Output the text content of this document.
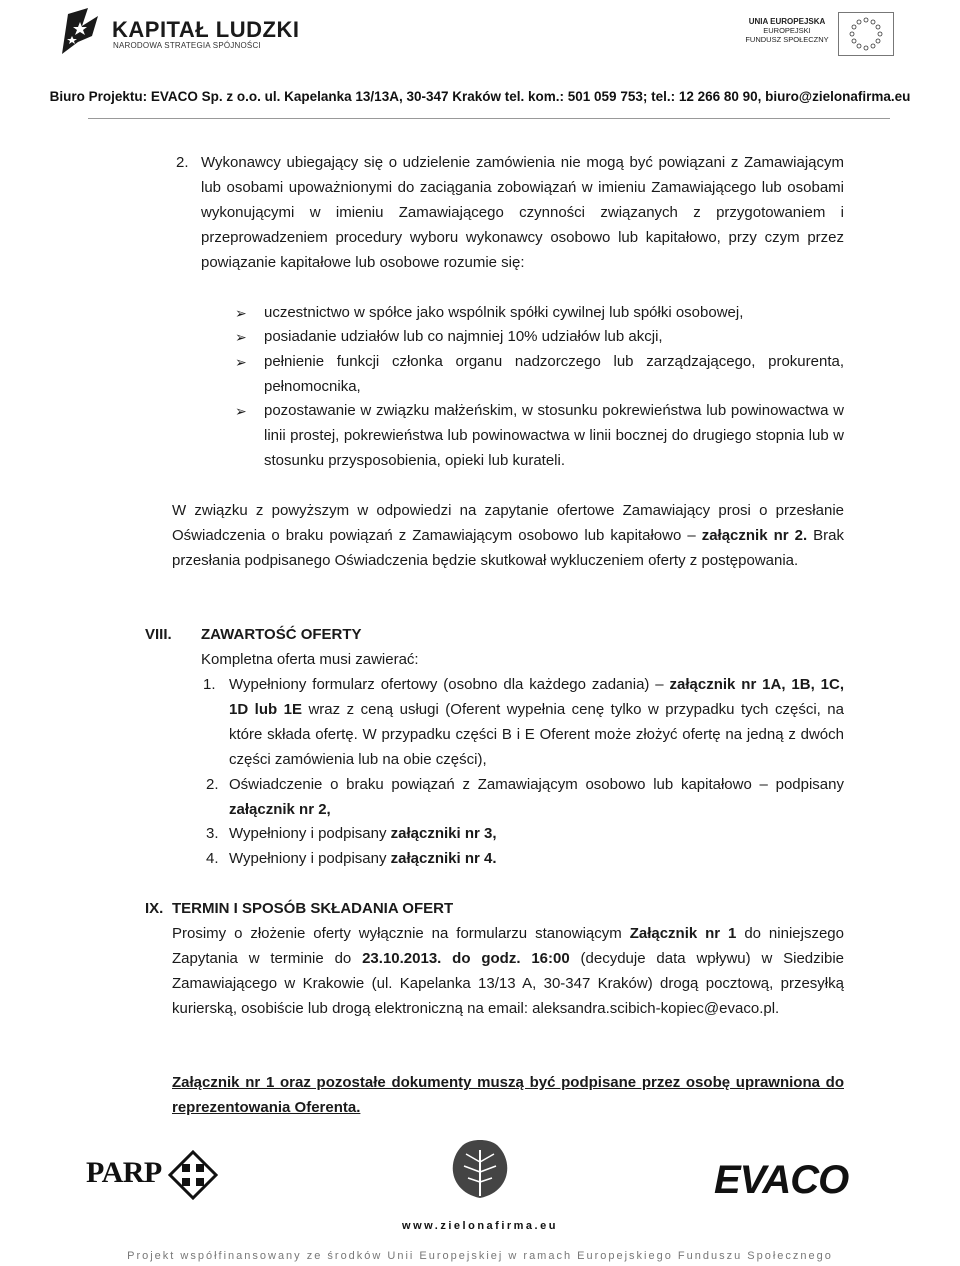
KAPITAŁ LUDZKI
NARODOWA STRATEGIA SPÓJNOŚCI
UNIA EUROPEJSKA
EUROPEJSKI
FUNDUSZ SPOŁECZNY
Biuro Projektu: EVACO Sp. z o.o. ul. Kapelanka 13/13A, 30-347 Kraków tel. kom.: 501 059 753; tel.: 12 266 80 90, biuro@zielonafirma.eu
2. Wykonawcy ubiegający się o udzielenie zamówienia nie mogą być powiązani z Zamawiającym lub osobami upoważnionymi do zaciągania zobowiązań w imieniu Zamawiającego lub osobami wykonującymi w imieniu Zamawiającego czynności związanych z przygotowaniem i przeprowadzeniem procedury wyboru wykonawcy osobowo lub kapitałowo, przy czym przez powiązanie kapitałowe lub osobowe rozumie się:
➢ uczestnictwo w spółce jako wspólnik spółki cywilnej lub spółki osobowej,
➢ posiadanie udziałów lub co najmniej 10% udziałów lub akcji,
➢ pełnienie funkcji członka organu nadzorczego lub zarządzającego, prokurenta, pełnomocnika,
➢ pozostawanie w związku małżeńskim, w stosunku pokrewieństwa lub powinowactwa w linii prostej, pokrewieństwa lub powinowactwa w linii bocznej do drugiego stopnia lub w stosunku przysposobienia, opieki lub kurateli.
W związku z powyższym w odpowiedzi na zapytanie ofertowe Zamawiający prosi o przesłanie Oświadczenia o braku powiązań z Zamawiającym osobowo lub kapitałowo – załącznik nr 2. Brak przesłania podpisanego Oświadczenia będzie skutkował wykluczeniem oferty z postępowania.
VIII. ZAWARTOŚĆ OFERTY
Kompletna oferta musi zawierać:
1. Wypełniony formularz ofertowy (osobno dla każdego zadania) – załącznik nr 1A, 1B, 1C, 1D lub 1E wraz z ceną usługi (Oferent wypełnia cenę tylko w przypadku tych części, na które składa ofertę. W przypadku części B i E Oferent może złożyć ofertę na jedną z dwóch części zamówienia lub na obie części),
2. Oświadczenie o braku powiązań z Zamawiającym osobowo lub kapitałowo – podpisany załącznik nr 2,
3. Wypełniony i podpisany załączniki nr 3,
4. Wypełniony i podpisany załączniki nr 4.
IX. TERMIN I SPOSÓB SKŁADANIA OFERT
Prosimy o złożenie oferty wyłącznie na formularzu stanowiącym Załącznik nr 1 do niniejszego Zapytania w terminie do 23.10.2013. do godz. 16:00 (decyduje data wpływu) w Siedzibie Zamawiającego w Krakowie (ul. Kapelanka 13/13 A, 30-347 Kraków) drogą pocztową, przesyłką kurierską, osobiście lub drogą elektroniczną na email: aleksandra.scibich-kopiec@evaco.pl.
Załącznik nr 1 oraz pozostałe dokumenty muszą być podpisane przez osobę uprawniona do reprezentowania Oferenta.
PARP
www.zielonafirma.eu
EVACO
Projekt współfinansowany ze środków Unii Europejskiej w ramach Europejskiego Funduszu Społecznego
